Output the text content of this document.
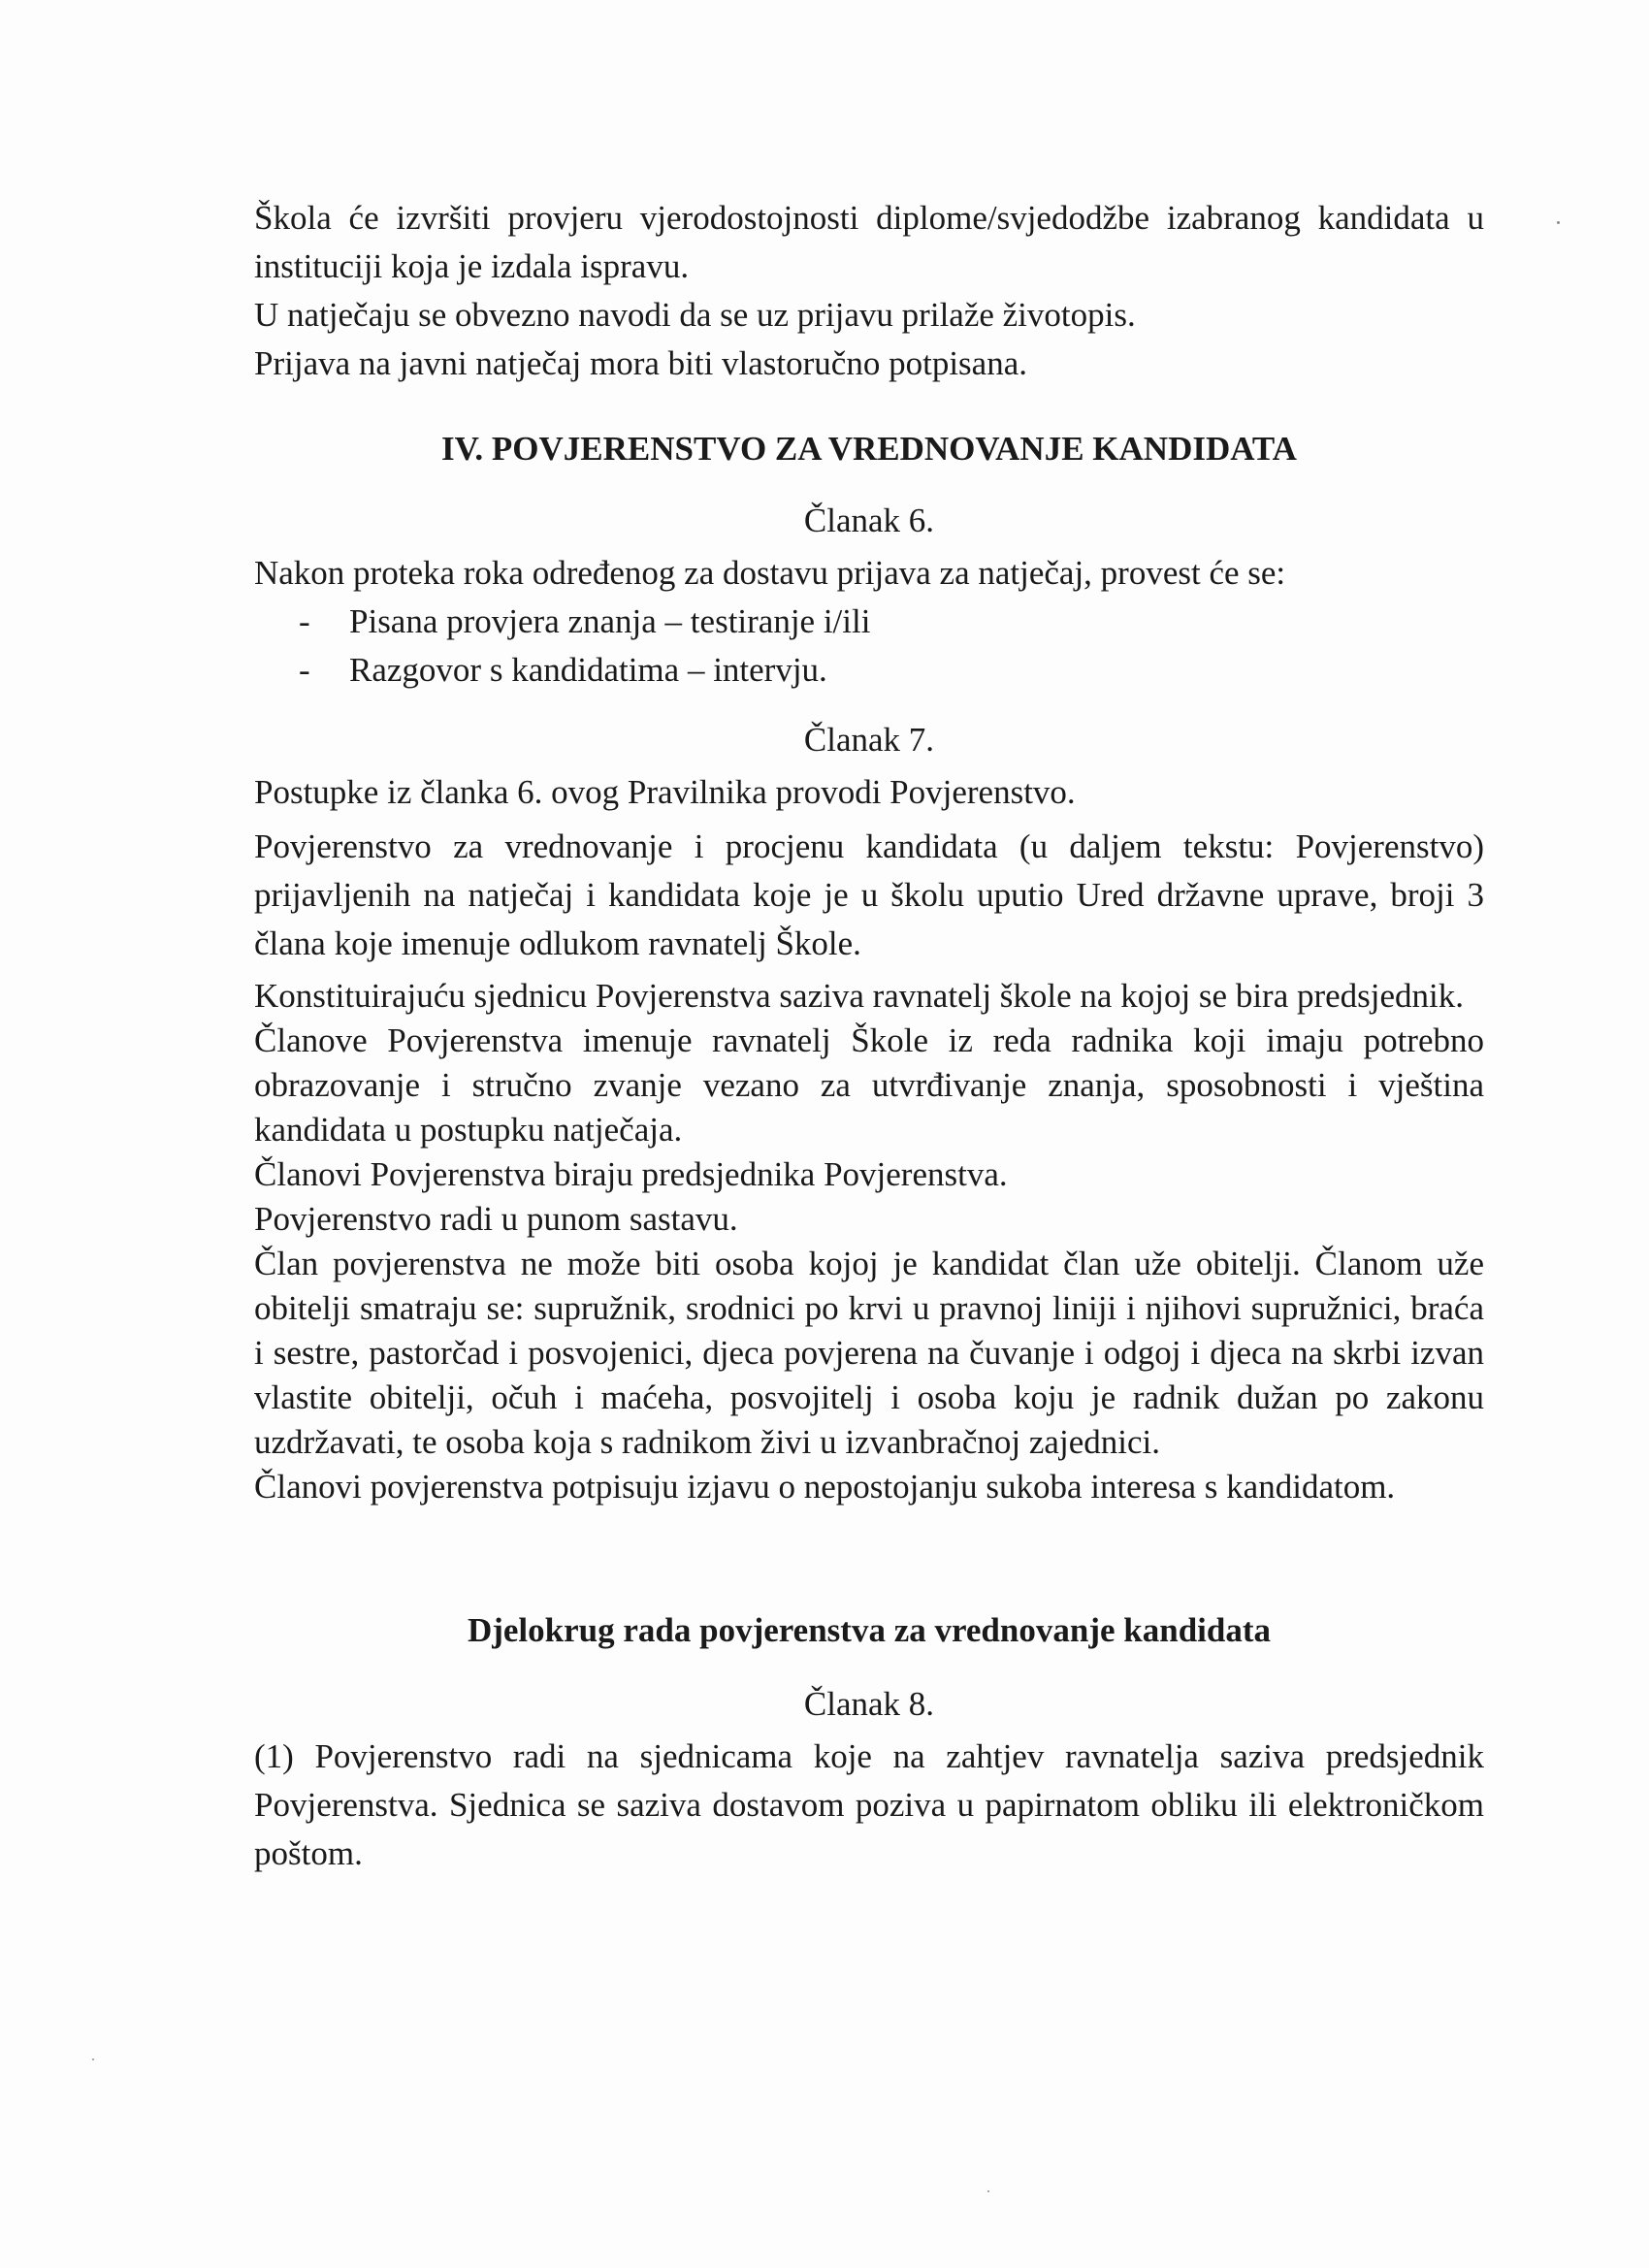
Škola će izvršiti provjeru vjerodostojnosti diplome/svjedodžbe izabranog kandidata u instituciji koja je izdala ispravu.

U natječaju se obvezno navodi da se uz prijavu prilaže životopis.

Prijava na javni natječaj mora biti vlastoručno potpisana.

IV. POVJERENSTVO ZA VREDNOVANJE KANDIDATA
Članak 6.

Nakon proteka roka određenog za dostavu prijava za natječaj, provest će se:

-	Pisana provjera znanja – testiranje i/ili
-	Razgovor s kandidatima – intervju.
Članak 7.

Postupke iz članka 6. ovog Pravilnika provodi Povjerenstvo.

Povjerenstvo za vrednovanje i procjenu kandidata (u daljem tekstu: Povjerenstvo) prijavljenih na natječaj i kandidata koje je u školu uputio Ured državne uprave, broji 3 člana koje imenuje odlukom ravnatelj Škole.

Konstituirajuću sjednicu Povjerenstva saziva ravnatelj škole na kojoj se bira predsjednik.

Članove Povjerenstva imenuje ravnatelj Škole iz reda radnika koji imaju potrebno obrazovanje i stručno zvanje vezano za utvrđivanje znanja, sposobnosti i vještina kandidata u postupku natječaja.

Članovi Povjerenstva biraju predsjednika Povjerenstva.

Povjerenstvo radi u punom sastavu.

Član povjerenstva ne može biti osoba kojoj je kandidat član uže obitelji. Članom uže obitelji smatraju se: supružnik, srodnici po krvi u pravnoj liniji i njihovi supružnici, braća i sestre, pastorčad i posvojenici, djeca povjerena na čuvanje i odgoj i djeca na skrbi izvan vlastite obitelji, očuh i maćeha, posvojitelj i osoba koju je radnik dužan po zakonu uzdržavati, te osoba koja s radnikom živi u izvanbračnoj zajednici.

Članovi povjerenstva potpisuju izjavu o nepostojanju sukoba interesa s kandidatom.

Djelokrug rada povjerenstva za vrednovanje kandidata
Članak 8.

(1) Povjerenstvo radi na sjednicama koje na zahtjev ravnatelja saziva predsjednik Povjerenstva. Sjednica se saziva dostavom poziva u papirnatom obliku ili elektroničkom poštom.
